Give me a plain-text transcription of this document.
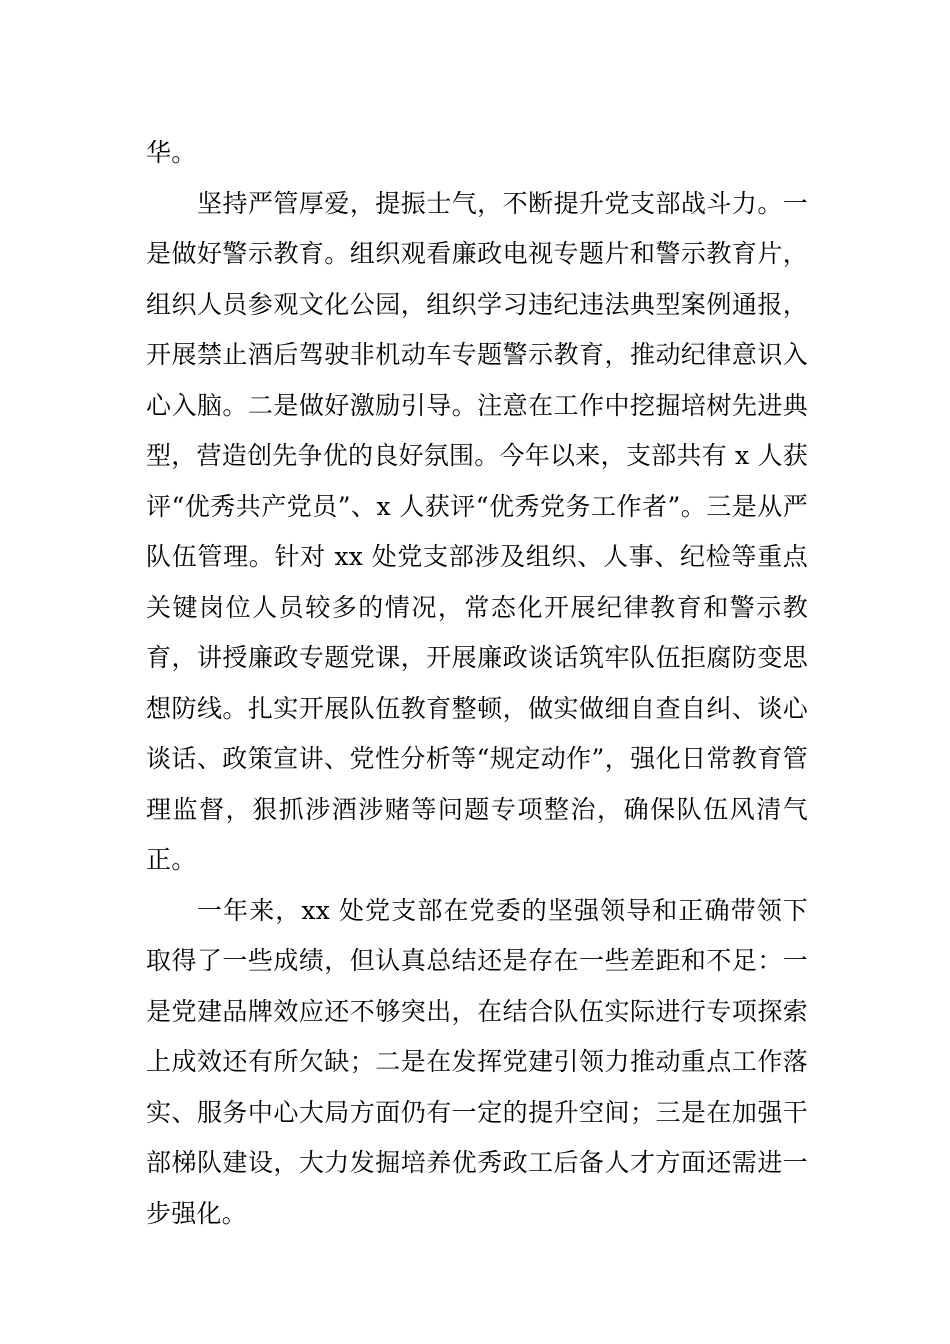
华。

坚持严管厚爱，提振士气，不断提升党支部战斗力。一是做好警示教育。组织观看廉政电视专题片和警示教育片，组织人员参观文化公园，组织学习违纪违法典型案例通报，开展禁止酒后驾驶非机动车专题警示教育，推动纪律意识入心入脑。二是做好激励引导。注意在工作中挖掘培树先进典型，营造创先争优的良好氛围。今年以来，支部共有 x 人获评“优秀共产党员”、x 人获评“优秀党务工作者”。三是从严队伍管理。针对 xx 处党支部涉及组织、人事、纪检等重点关键岗位人员较多的情况，常态化开展纪律教育和警示教育，讲授廉政专题党课，开展廉政谈话筑牢队伍拒腐防变思想防线。扎实开展队伍教育整顿，做实做细自查自纠、谈心谈话、政策宣讲、党性分析等“规定动作”，强化日常教育管理监督，狠抓涉酒涉赌等问题专项整治，确保队伍风清气正。

一年来，xx 处党支部在党委的坚强领导和正确带领下取得了一些成绩，但认真总结还是存在一些差距和不足：一是党建品牌效应还不够突出，在结合队伍实际进行专项探索上成效还有所欠缺；二是在发挥党建引领力推动重点工作落实、服务中心大局方面仍有一定的提升空间；三是在加强干部梯队建设，大力发掘培养优秀政工后备人才方面还需进一步强化。
